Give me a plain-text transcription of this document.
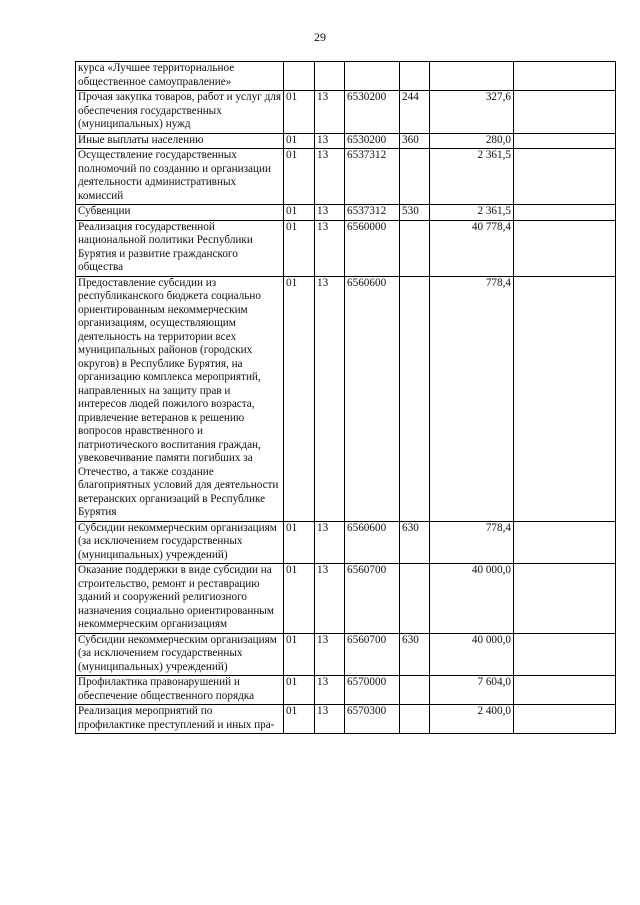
29
курса «Лучшее территориальное общественное самоуправление»						
Прочая закупка товаров, работ и услуг для обеспечения государственных (муниципальных) нужд	01	13	6530200	244	327,6	
Иные выплаты населению	01	13	6530200	360	280,0	
Осуществление государственных полномочий по созданию и организации деятельности административных комиссий	01	13	6537312		2 361,5	
Субвенции	01	13	6537312	530	2 361,5	
Реализация государственной национальной политики Республики Бурятия и развитие гражданского общества	01	13	6560000		40 778,4	
Предоставление субсидии из республиканского бюджета социально ориентированным некоммерческим организациям, осуществляющим деятельность на территории всех муниципальных районов (городских округов) в Республике Бурятия, на организацию комплекса мероприятий, направленных на защиту прав и интересов людей пожилого возраста, привлечение ветеранов к решению вопросов нравственного и патриотического воспитания граждан, увековечивание памяти погибших за Отечество, а также создание благоприятных условий для деятельности ветеранских организаций в Республике Бурятия	01	13	6560600		778,4	
Субсидии некоммерческим организациям (за исключением государственных (муниципальных) учреждений)	01	13	6560600	630	778,4	
Оказание поддержки в виде субсидии на строительство, ремонт и реставрацию зданий и сооружений религиозного назначения социально ориентированным некоммерческим организациям	01	13	6560700		40 000,0	
Субсидии некоммерческим организациям (за исключением государственных (муниципальных) учреждений)	01	13	6560700	630	40 000,0	
Профилактика правонарушений и обеспечение общественного порядка	01	13	6570000		7 604,0	
Реализация мероприятий по профилактике преступлений и иных пра-	01	13	6570300		2 400,0	
